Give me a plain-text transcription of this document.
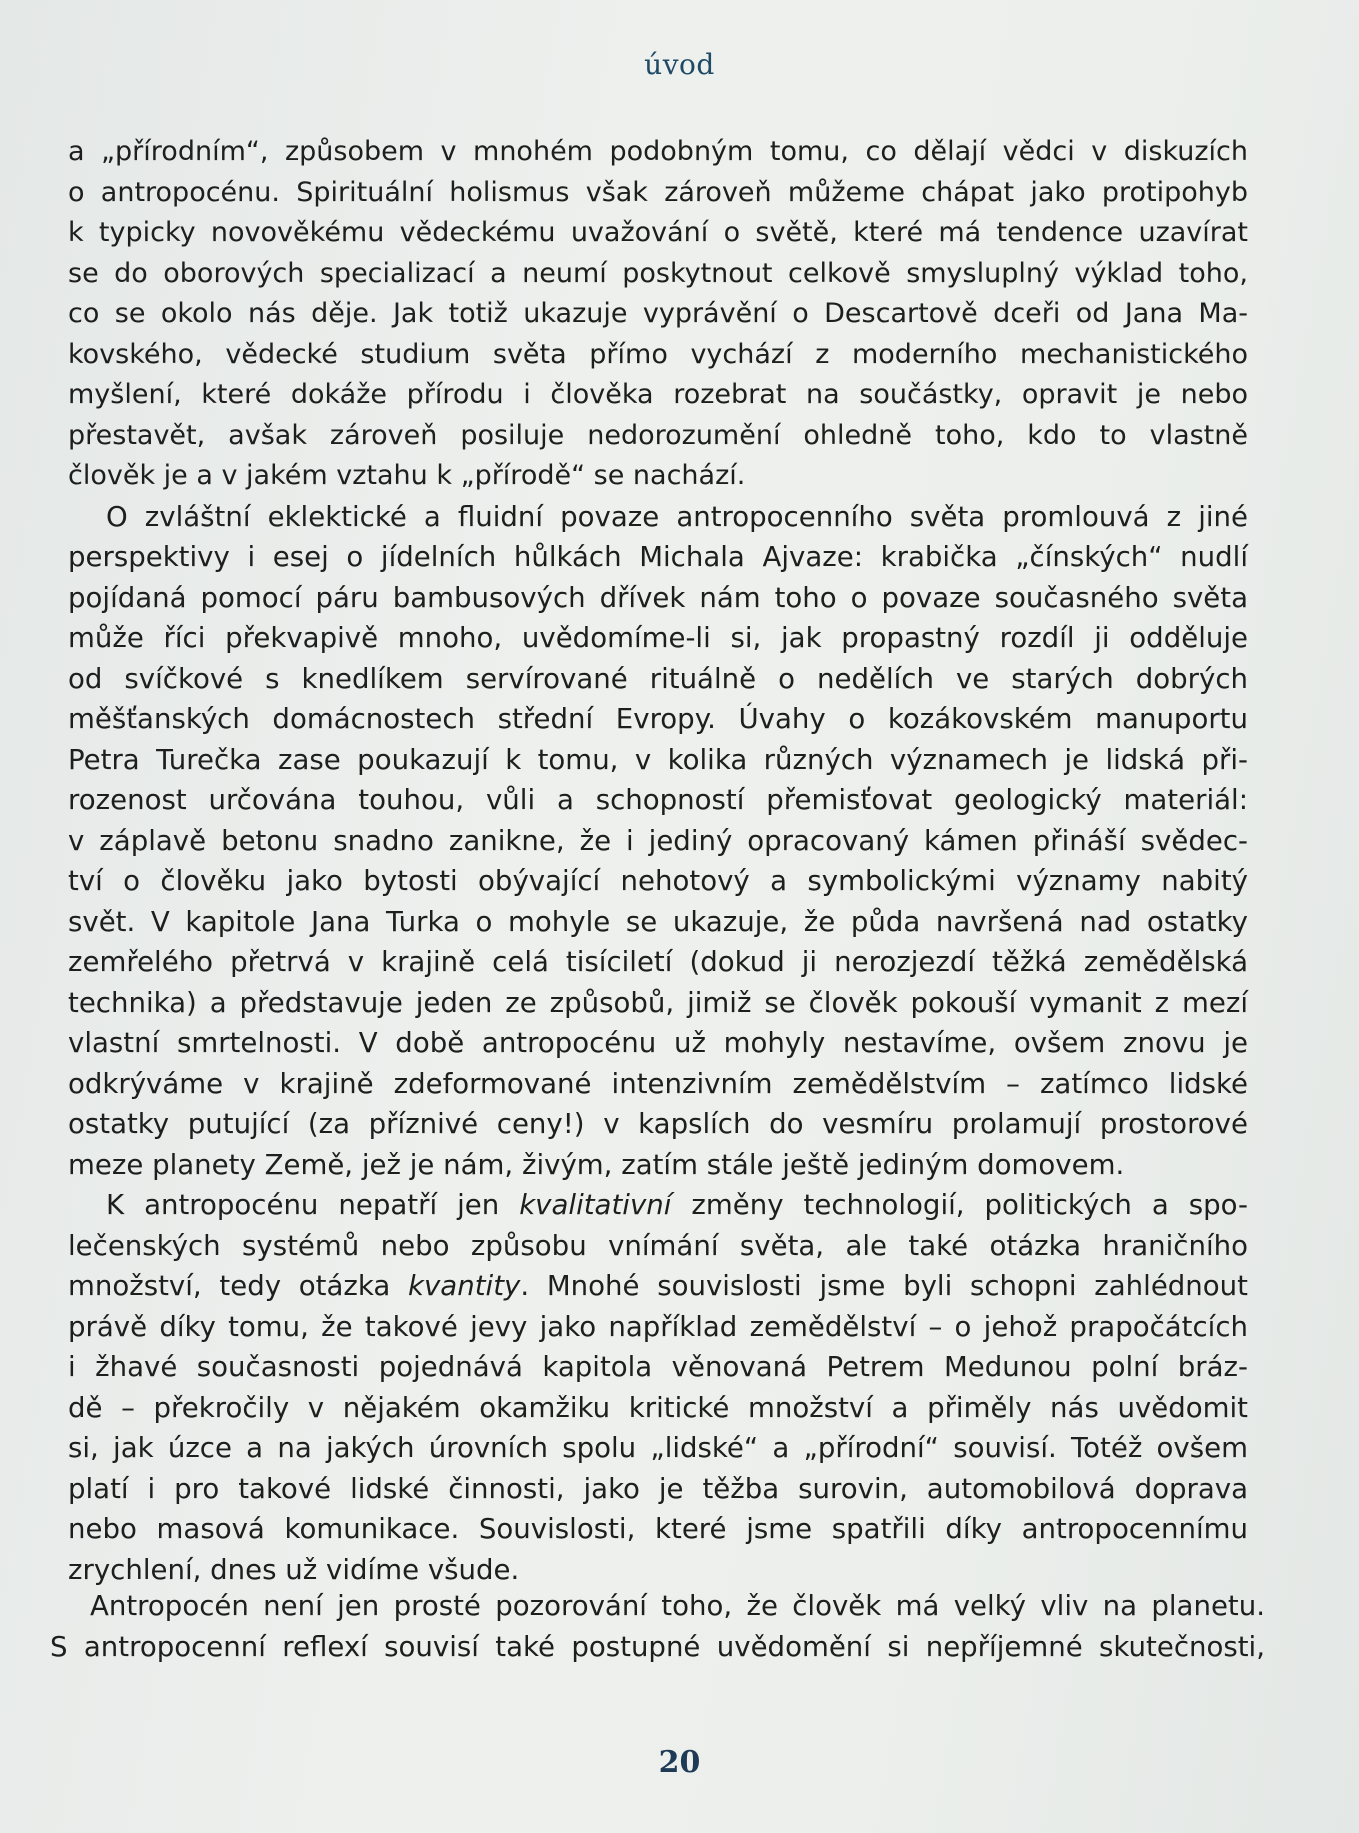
úvod
a „přírodním“, způsobem v mnohém podobným tomu, co dělají vědci v diskuzích
o antropocénu. Spirituální holismus však zároveň můžeme chápat jako protipohyb
k typicky novověkému vědeckému uvažování o světě, které má tendence uzavírat
se do oborových specializací a neumí poskytnout celkově smysluplný výklad toho,
co se okolo nás děje. Jak totiž ukazuje vyprávění o Descartově dceři od Jana Ma-
kovského, vědecké studium světa přímo vychází z moderního mechanistického
myšlení, které dokáže přírodu i člověka rozebrat na součástky, opravit je nebo
přestavět, avšak zároveň posiluje nedorozumění ohledně toho, kdo to vlastně
člověk je a v jakém vztahu k „přírodě“ se nachází.
O zvláštní eklektické a fluidní povaze antropocenního světa promlouvá z jiné
perspektivy i esej o jídelních hůlkách Michala Ajvaze: krabička „čínských“ nudlí
pojídaná pomocí páru bambusových dřívek nám toho o povaze současného světa
může říci překvapivě mnoho, uvědomíme-li si, jak propastný rozdíl ji odděluje
od svíčkové s knedlíkem servírované rituálně o nedělích ve starých dobrých
měšťanských domácnostech střední Evropy. Úvahy o kozákovském manuportu
Petra Turečka zase poukazují k tomu, v kolika různých významech je lidská při-
rozenost určována touhou, vůli a schopností přemisťovat geologický materiál:
v záplavě betonu snadno zanikne, že i jediný opracovaný kámen přináší svědec-
tví o člověku jako bytosti obývající nehotový a symbolickými významy nabitý
svět. V kapitole Jana Turka o mohyle se ukazuje, že půda navršená nad ostatky
zemřelého přetrvá v krajině celá tisíciletí (dokud ji nerozjezdí těžká zemědělská
technika) a představuje jeden ze způsobů, jimiž se člověk pokouší vymanit z mezí
vlastní smrtelnosti. V době antropocénu už mohyly nestavíme, ovšem znovu je
odkrýváme v krajině zdeformované intenzivním zemědělstvím – zatímco lidské
ostatky putující (za příznivé ceny!) v kapslích do vesmíru prolamují prostorové
meze planety Země, jež je nám, živým, zatím stále ještě jediným domovem.
K antropocénu nepatří jen kvalitativní změny technologií, politických a spo-
lečenských systémů nebo způsobu vnímání světa, ale také otázka hraničního
množství, tedy otázka kvantity. Mnohé souvislosti jsme byli schopni zahlédnout
právě díky tomu, že takové jevy jako například zemědělství – o jehož prapočátcích
i žhavé současnosti pojednává kapitola věnovaná Petrem Medunou polní bráz-
dě – překročily v nějakém okamžiku kritické množství a přiměly nás uvědomit
si, jak úzce a na jakých úrovních spolu „lidské“ a „přírodní“ souvisí. Totéž ovšem
platí i pro takové lidské činnosti, jako je těžba surovin, automobilová doprava
nebo masová komunikace. Souvislosti, které jsme spatřili díky antropocennímu
zrychlení, dnes už vidíme všude.
Antropocén není jen prosté pozorování toho, že člověk má velký vliv na planetu.
S antropocenní reflexí souvisí také postupné uvědomění si nepříjemné skutečnosti,
20
